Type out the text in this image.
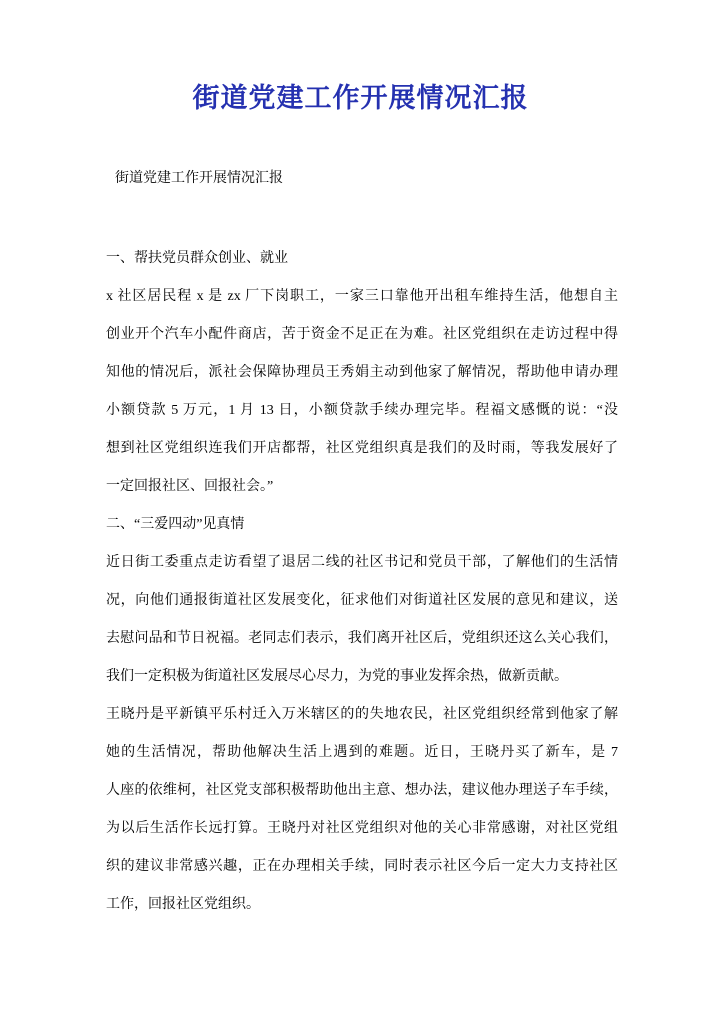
街道党建工作开展情况汇报
街道党建工作开展情况汇报
一、帮扶党员群众创业、就业
x 社区居民程 x 是 zx 厂下岗职工，一家三口靠他开出租车维持生活，他想自主
创业开个汽车小配件商店，苦于资金不足正在为难。社区党组织在走访过程中得
知他的情况后，派社会保障协理员王秀娟主动到他家了解情况，帮助他申请办理
小额贷款 5 万元，1 月 13 日，小额贷款手续办理完毕。程福文感慨的说：“没
想到社区党组织连我们开店都帮，社区党组织真是我们的及时雨，等我发展好了
一定回报社区、回报社会。”
二、“三爱四动”见真情
近日街工委重点走访看望了退居二线的社区书记和党员干部，了解他们的生活情
况，向他们通报街道社区发展变化，征求他们对街道社区发展的意见和建议，送
去慰问品和节日祝福。老同志们表示，我们离开社区后，党组织还这么关心我们，
我们一定积极为街道社区发展尽心尽力，为党的事业发挥余热，做新贡献。
王晓丹是平新镇平乐村迁入万米辖区的的失地农民，社区党组织经常到他家了解
她的生活情况，帮助他解决生活上遇到的难题。近日，王晓丹买了新车，是 7
人座的依维柯，社区党支部积极帮助他出主意、想办法，建议他办理送子车手续，
为以后生活作长远打算。王晓丹对社区党组织对他的关心非常感谢，对社区党组
织的建议非常感兴趣，正在办理相关手续，同时表示社区今后一定大力支持社区
工作，回报社区党组织。
